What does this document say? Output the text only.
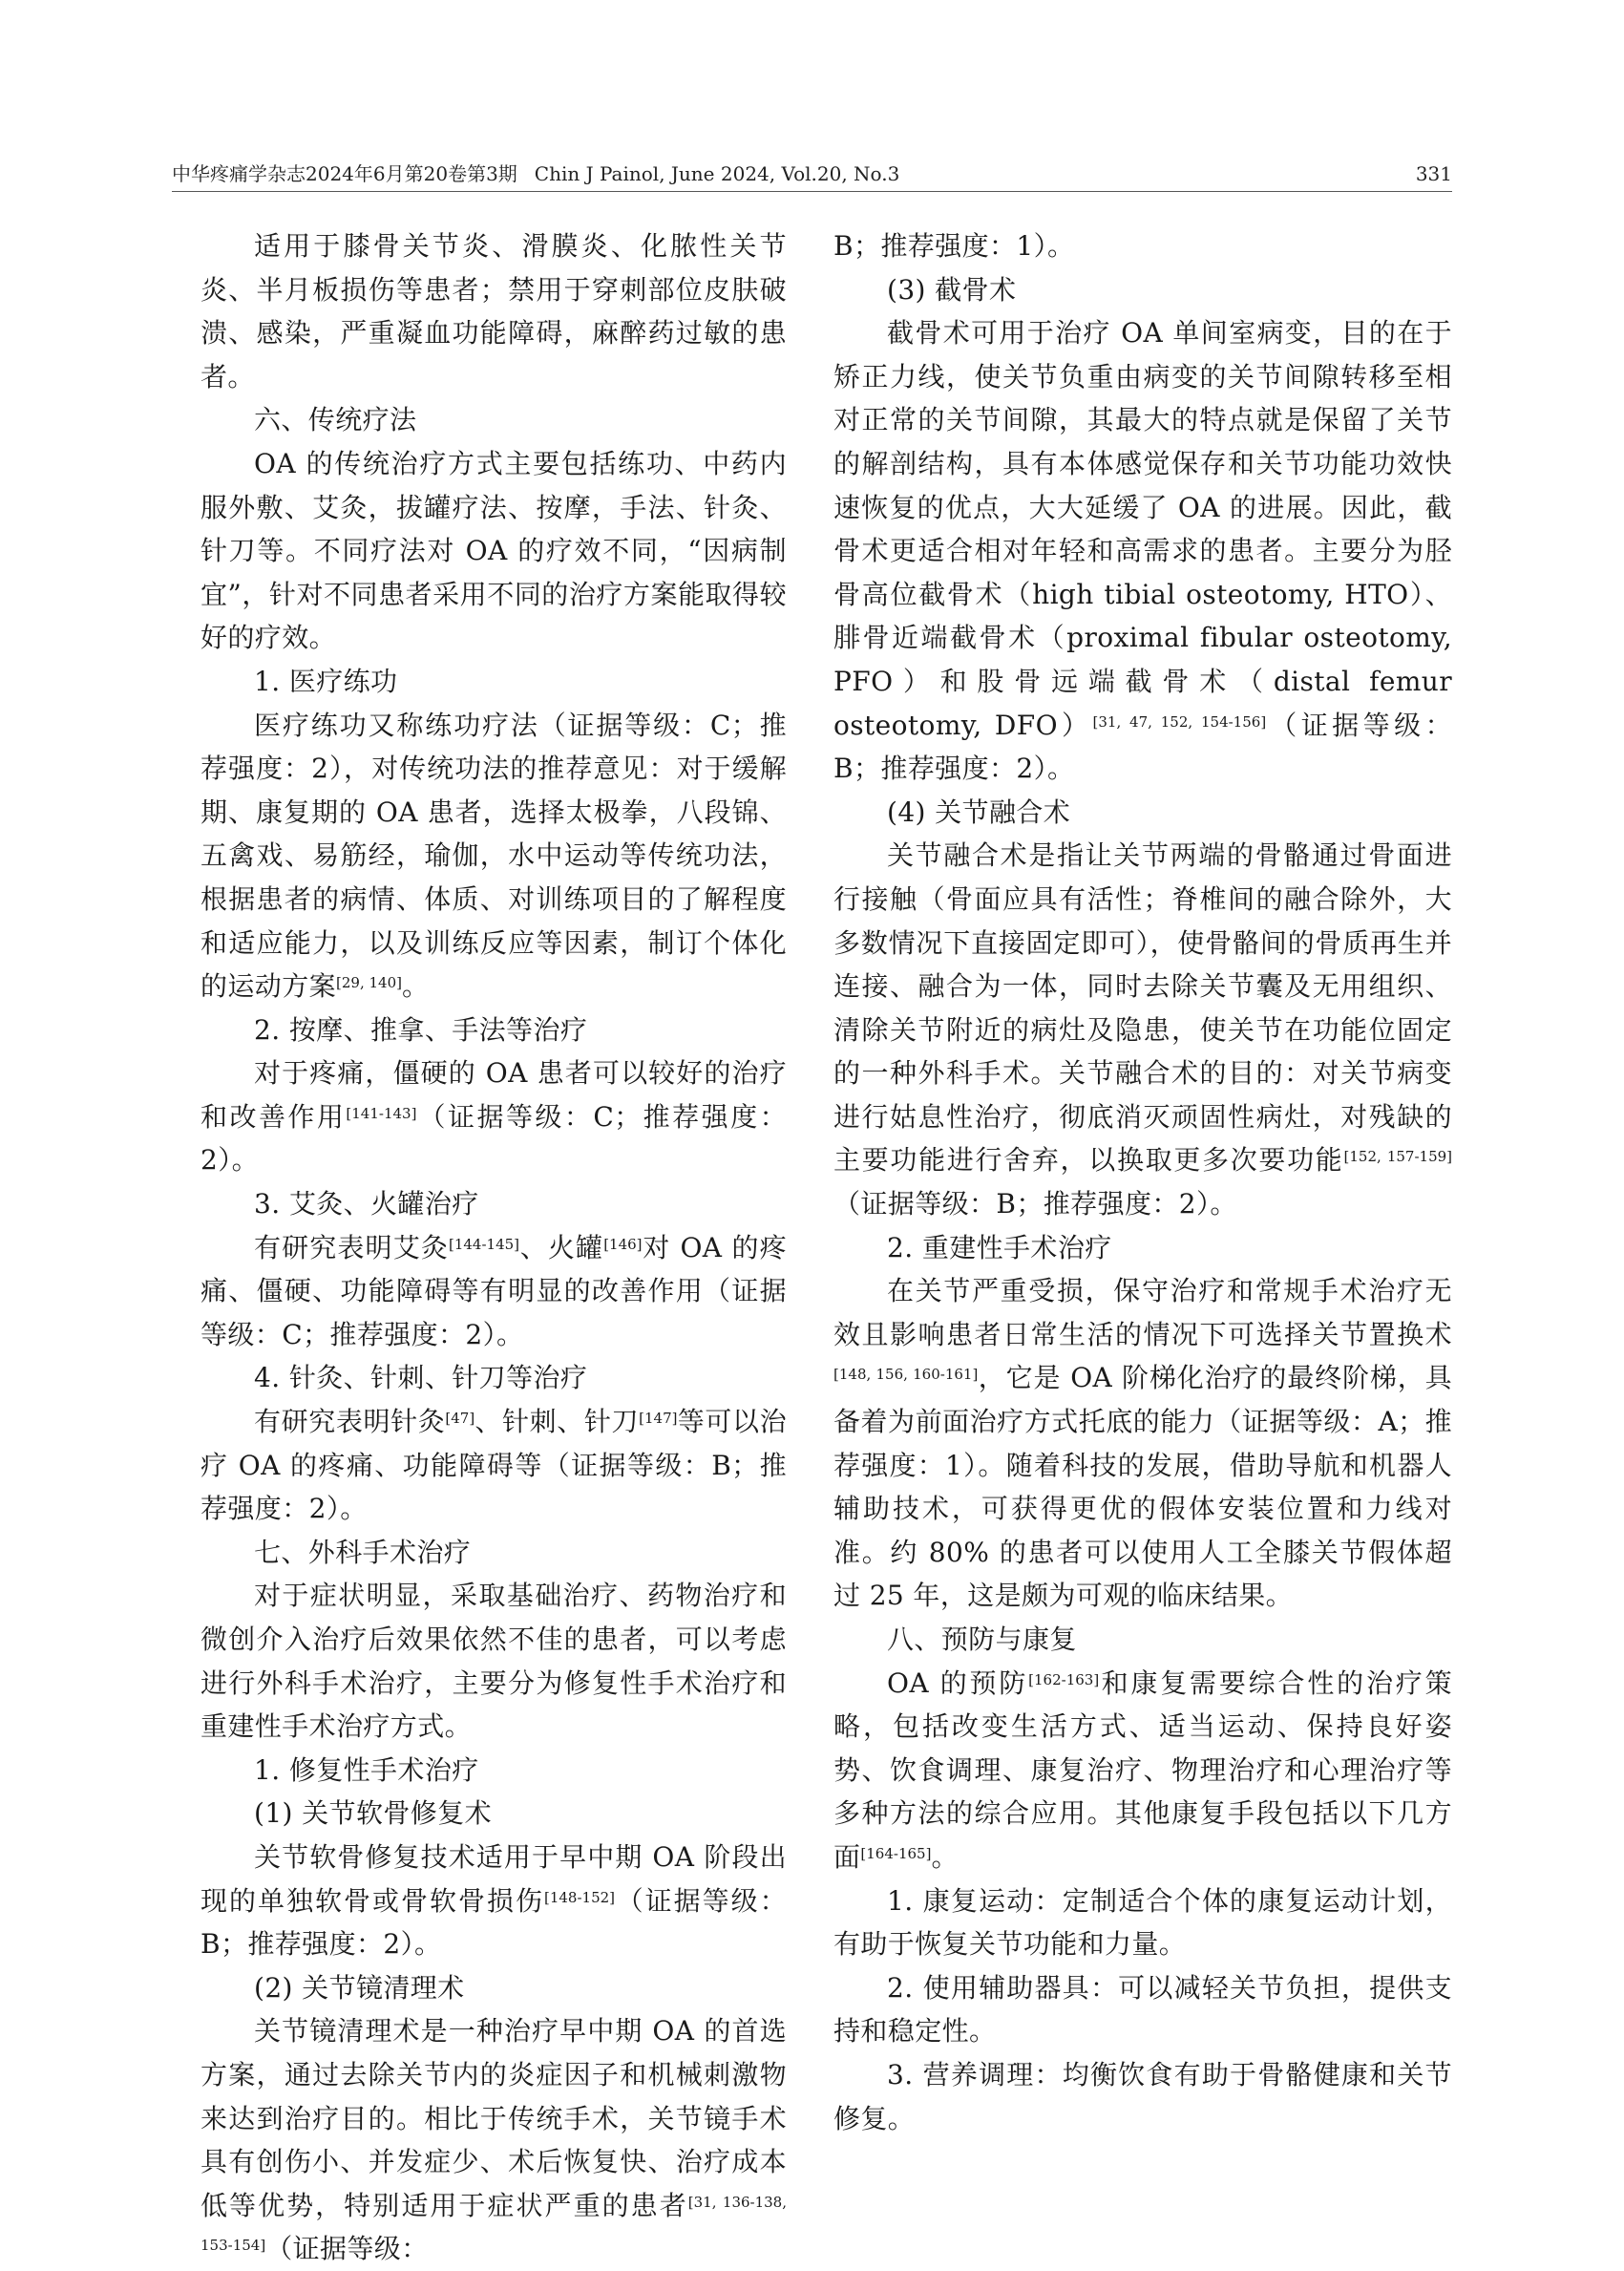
中华疼痛学杂志2024年6月第20卷第3期 Chin J Painol, June 2024, Vol.20, No.3	331

适用于膝骨关节炎、滑膜炎、化脓性关节炎、半月板损伤等患者；禁用于穿刺部位皮肤破溃、感染，严重凝血功能障碍，麻醉药过敏的患者。

六、传统疗法

OA 的传统治疗方式主要包括练功、中药内服外敷、艾灸，拔罐疗法、按摩，手法、针灸、针刀等。不同疗法对 OA 的疗效不同，“因病制宜”，针对不同患者采用不同的治疗方案能取得较好的疗效。

1. 医疗练功

医疗练功又称练功疗法（证据等级：C；推荐强度：2），对传统功法的推荐意见：对于缓解期、康复期的 OA 患者，选择太极拳，八段锦、五禽戏、易筋经，瑜伽，水中运动等传统功法，根据患者的病情、体质、对训练项目的了解程度和适应能力，以及训练反应等因素，制订个体化的运动方案[29, 140]。

2. 按摩、推拿、手法等治疗

对于疼痛，僵硬的 OA 患者可以较好的治疗和改善作用[141-143]（证据等级：C；推荐强度：2）。

3. 艾灸、火罐治疗

有研究表明艾灸[144-145]、火罐[146]对 OA 的疼痛、僵硬、功能障碍等有明显的改善作用（证据等级：C；推荐强度：2）。

4. 针灸、针刺、针刀等治疗

有研究表明针灸[47]、针刺、针刀[147]等可以治疗 OA 的疼痛、功能障碍等（证据等级：B；推荐强度：2）。

七、外科手术治疗

对于症状明显，采取基础治疗、药物治疗和微创介入治疗后效果依然不佳的患者，可以考虑进行外科手术治疗，主要分为修复性手术治疗和重建性手术治疗方式。

1. 修复性手术治疗

(1) 关节软骨修复术

关节软骨修复技术适用于早中期 OA 阶段出现的单独软骨或骨软骨损伤[148-152]（证据等级：B；推荐强度：2）。

(2) 关节镜清理术

关节镜清理术是一种治疗早中期 OA 的首选方案，通过去除关节内的炎症因子和机械刺激物来达到治疗目的。相比于传统手术，关节镜手术具有创伤小、并发症少、术后恢复快、治疗成本低等优势，特别适用于症状严重的患者[31, 136-138, 153-154]（证据等级：

B；推荐强度：1）。

(3) 截骨术

截骨术可用于治疗 OA 单间室病变，目的在于矫正力线，使关节负重由病变的关节间隙转移至相对正常的关节间隙，其最大的特点就是保留了关节的解剖结构，具有本体感觉保存和关节功能功效快速恢复的优点，大大延缓了 OA 的进展。因此，截骨术更适合相对年轻和高需求的患者。主要分为胫骨高位截骨术（high tibial osteotomy, HTO）、腓骨近端截骨术（proximal fibular osteotomy, PFO）和股骨远端截骨术（distal femur osteotomy, DFO）[31, 47, 152, 154-156]（证据等级：B；推荐强度：2）。

(4) 关节融合术

关节融合术是指让关节两端的骨骼通过骨面进行接触（骨面应具有活性；脊椎间的融合除外，大多数情况下直接固定即可），使骨骼间的骨质再生并连接、融合为一体，同时去除关节囊及无用组织、清除关节附近的病灶及隐患，使关节在功能位固定的一种外科手术。关节融合术的目的：对关节病变进行姑息性治疗，彻底消灭顽固性病灶，对残缺的主要功能进行舍弃，以换取更多次要功能[152, 157-159]（证据等级：B；推荐强度：2）。

2. 重建性手术治疗

在关节严重受损，保守治疗和常规手术治疗无效且影响患者日常生活的情况下可选择关节置换术[148, 156, 160-161]，它是 OA 阶梯化治疗的最终阶梯，具备着为前面治疗方式托底的能力（证据等级：A；推荐强度：1）。随着科技的发展，借助导航和机器人辅助技术，可获得更优的假体安装位置和力线对准。约 80% 的患者可以使用人工全膝关节假体超过 25 年，这是颇为可观的临床结果。

八、预防与康复

OA 的预防[162-163]和康复需要综合性的治疗策略，包括改变生活方式、适当运动、保持良好姿势、饮食调理、康复治疗、物理治疗和心理治疗等多种方法的综合应用。其他康复手段包括以下几方面[164-165]。

1. 康复运动：定制适合个体的康复运动计划，有助于恢复关节功能和力量。

2. 使用辅助器具：可以减轻关节负担，提供支持和稳定性。

3. 营养调理：均衡饮食有助于骨骼健康和关节修复。
